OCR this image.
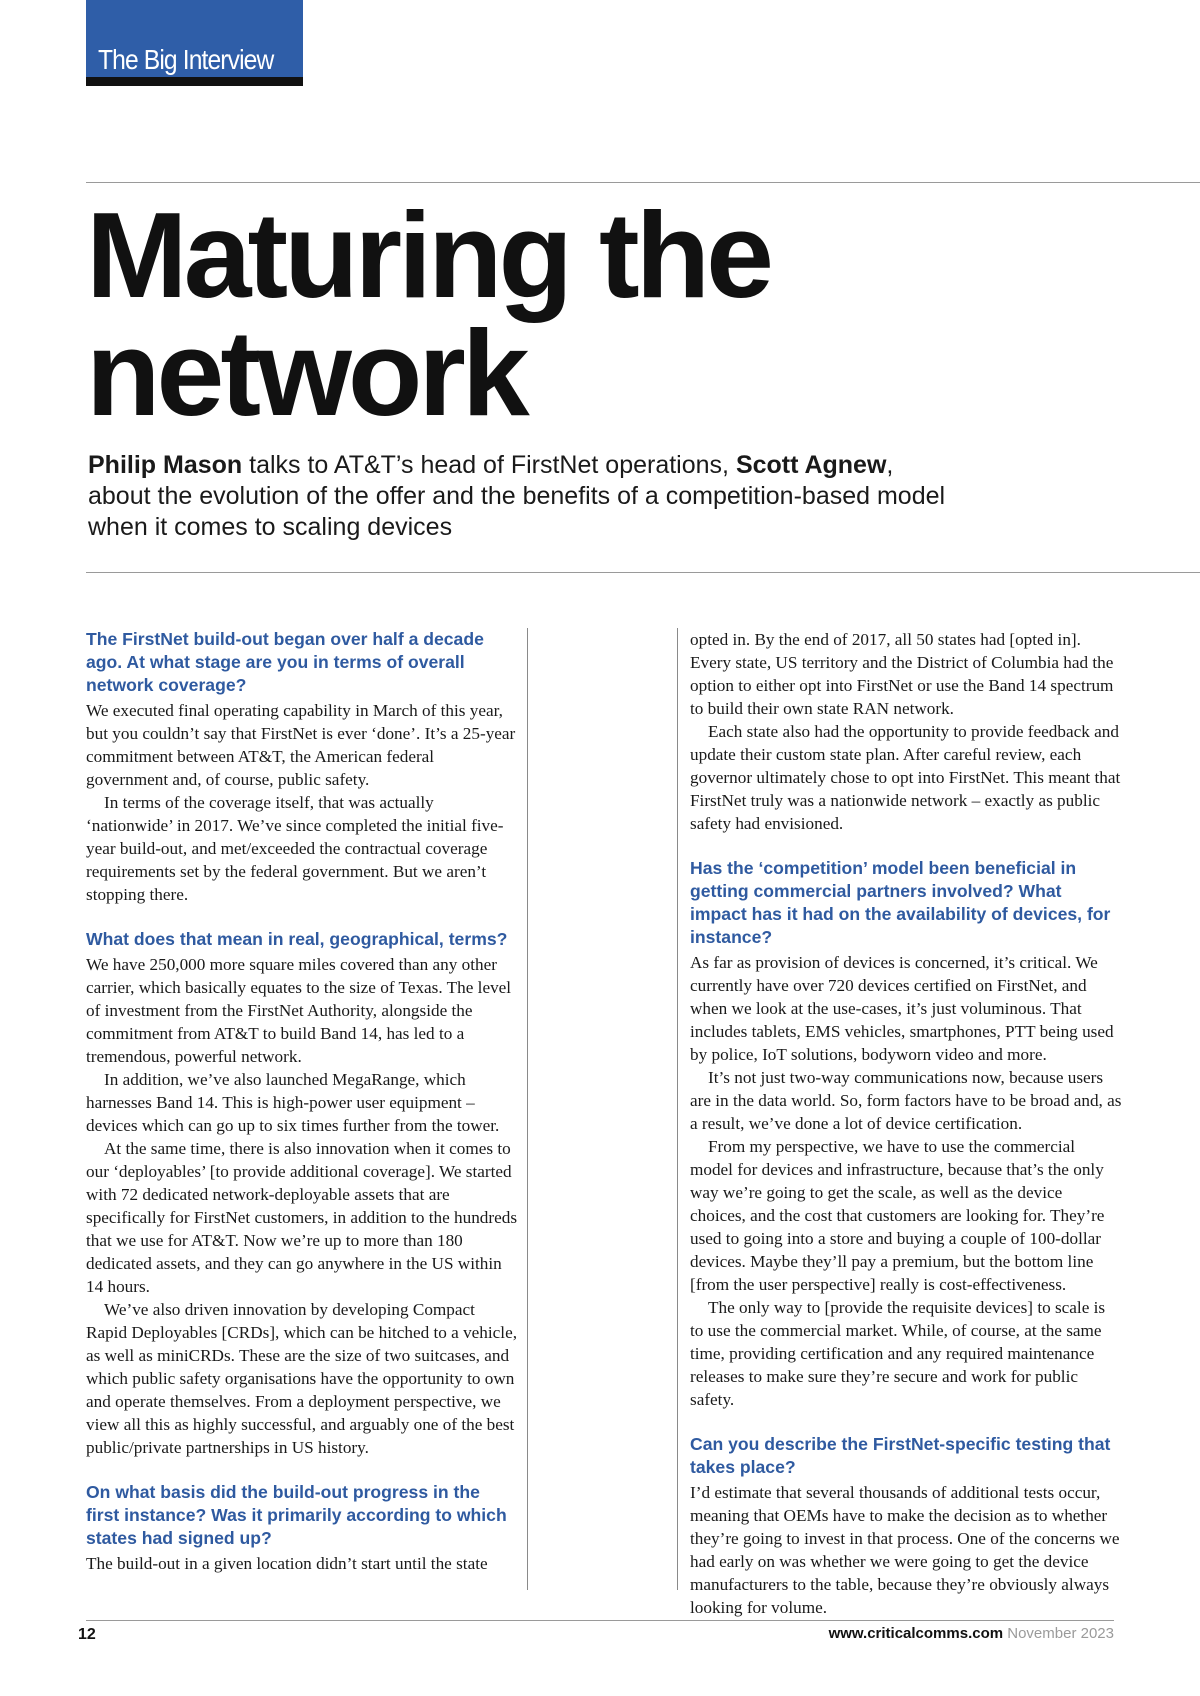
The Big Interview
Maturing the
network

Philip Mason talks to AT&T’s head of FirstNet operations, Scott Agnew, about the evolution of the offer and the benefits of a competition-based model when it comes to scaling devices

The FirstNet build-out began over half a decade ago. At what stage are you in terms of overall network coverage?

We executed final operating capability in March of this year, but you couldn’t say that FirstNet is ever ‘done’. It’s a 25-year commitment between AT&T, the American federal government and, of course, public safety.

In terms of the coverage itself, that was actually ‘nationwide’ in 2017. We’ve since completed the initial five-year build-out, and met/exceeded the contractual coverage requirements set by the federal government. But we aren’t stopping there.

What does that mean in real, geographical, terms?

We have 250,000 more square miles covered than any other carrier, which basically equates to the size of Texas. The level of investment from the FirstNet Authority, alongside the commitment from AT&T to build Band 14, has led to a tremendous, powerful network.

In addition, we’ve also launched MegaRange, which harnesses Band 14. This is high-power user equipment – devices which can go up to six times further from the tower.

At the same time, there is also innovation when it comes to our ‘deployables’ [to provide additional coverage]. We started with 72 dedicated network-deployable assets that are specifically for FirstNet customers, in addition to the hundreds that we use for AT&T. Now we’re up to more than 180 dedicated assets, and they can go anywhere in the US within 14 hours.

We’ve also driven innovation by developing Compact Rapid Deployables [CRDs], which can be hitched to a vehicle, as well as miniCRDs. These are the size of two suitcases, and which public safety organisations have the opportunity to own and operate themselves. From a deployment perspective, we view all this as highly successful, and arguably one of the best public/private partnerships in US history.

On what basis did the build-out progress in the first instance? Was it primarily according to which states had signed up?

The build-out in a given location didn’t start until the state

opted in. By the end of 2017, all 50 states had [opted in]. Every state, US territory and the District of Columbia had the option to either opt into FirstNet or use the Band 14 spectrum to build their own state RAN network.

Each state also had the opportunity to provide feedback and update their custom state plan. After careful review, each governor ultimately chose to opt into FirstNet. This meant that FirstNet truly was a nationwide network – exactly as public safety had envisioned.

Has the ‘competition’ model been beneficial in getting commercial partners involved? What impact has it had on the availability of devices, for instance?

As far as provision of devices is concerned, it’s critical. We currently have over 720 devices certified on FirstNet, and when we look at the use-cases, it’s just voluminous. That includes tablets, EMS vehicles, smartphones, PTT being used by police, IoT solutions, bodyworn video and more.

It’s not just two-way communications now, because users are in the data world. So, form factors have to be broad and, as a result, we’ve done a lot of device certification.

From my perspective, we have to use the commercial model for devices and infrastructure, because that’s the only way we’re going to get the scale, as well as the device choices, and the cost that customers are looking for. They’re used to going into a store and buying a couple of 100-dollar devices. Maybe they’ll pay a premium, but the bottom line [from the user perspective] really is cost-effectiveness.

The only way to [provide the requisite devices] to scale is to use the commercial market. While, of course, at the same time, providing certification and any required maintenance releases to make sure they’re secure and work for public safety.

Can you describe the FirstNet-specific testing that takes place?

I’d estimate that several thousands of additional tests occur, meaning that OEMs have to make the decision as to whether they’re going to invest in that process. One of the concerns we had early on was whether we were going to get the device manufacturers to the table, because they’re obviously always looking for volume.

12	www.criticalcomms.com November 2023
